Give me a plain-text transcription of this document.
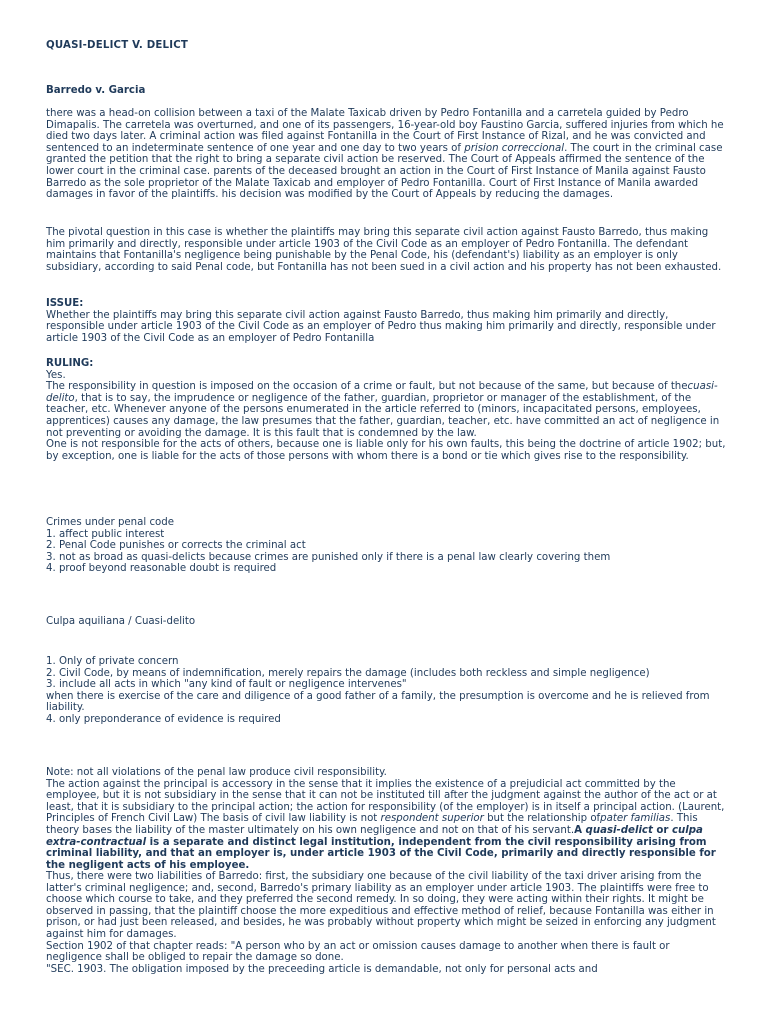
QUASI-DELICT V. DELICT
Barredo v. Garcia

there was a head-on collision between a taxi of the Malate Taxicab driven by Pedro Fontanilla and a carretela guided by Pedro Dimapalis. The carretela was overturned, and one of its passengers, 16-year-old boy Faustino Garcia, suffered injuries from which he died two days later. A criminal action was filed against Fontanilla in the Court of First Instance of Rizal, and he was convicted and sentenced to an indeterminate sentence of one year and one day to two years of prision correccional. The court in the criminal case granted the petition that the right to bring a separate civil action be reserved. The Court of Appeals affirmed the sentence of the lower court in the criminal case. parents of the deceased brought an action in the Court of First Instance of Manila against Fausto Barredo as the sole proprietor of the Malate Taxicab and employer of Pedro Fontanilla. Court of First Instance of Manila awarded damages in favor of the plaintiffs. his decision was modified by the Court of Appeals by reducing the damages.

The pivotal question in this case is whether the plaintiffs may bring this separate civil action against Fausto Barredo, thus making him primarily and directly, responsible under article 1903 of the Civil Code as an employer of Pedro Fontanilla. The defendant maintains that Fontanilla's negligence being punishable by the Penal Code, his (defendant's) liability as an employer is only subsidiary, according to said Penal code, but Fontanilla has not been sued in a civil action and his property has not been exhausted.

ISSUE:

Whether the plaintiffs may bring this separate civil action against Fausto Barredo, thus making him primarily and directly, responsible under article 1903 of the Civil Code as an employer of Pedro thus making him primarily and directly, responsible under article 1903 of the Civil Code as an employer of Pedro Fontanilla

RULING:

Yes.

The responsibility in question is imposed on the occasion of a crime or fault, but not because of the same, but because of thecuasi- delito, that is to say, the imprudence or negligence of the father, guardian, proprietor or manager of the establishment, of the teacher, etc. Whenever anyone of the persons enumerated in the article referred to (minors, incapacitated persons, employees, apprentices) causes any damage, the law presumes that the father, guardian, teacher, etc. have committed an act of negligence in not preventing or avoiding the damage. It is this fault that is condemned by the law.

One is not responsible for the acts of others, because one is liable only for his own faults, this being the doctrine of article 1902; but, by exception, one is liable for the acts of those persons with whom there is a bond or tie which gives rise to the responsibility.

Crimes under penal code

1. affect public interest

2. Penal Code punishes or corrects the criminal act

3. not as broad as quasi-delicts because crimes are punished only if there is a penal law clearly covering them

4. proof beyond reasonable doubt is required

Culpa aquiliana / Cuasi-delito

1. Only of private concern

2. Civil Code, by means of indemnification, merely repairs the damage (includes both reckless and simple negligence)

3. include all acts in which "any kind of fault or negligence intervenes"

when there is exercise of the care and diligence of a good father of a family, the presumption is overcome and he is relieved from liability.

4. only preponderance of evidence is required

Note: not all violations of the penal law produce civil responsibility.

The action against the principal is accessory in the sense that it implies the existence of a prejudicial act committed by the employee, but it is not subsidiary in the sense that it can not be instituted till after the judgment against the author of the act or at least, that it is subsidiary to the principal action; the action for responsibility (of the employer) is in itself a principal action. (Laurent, Principles of French Civil Law) The basis of civil law liability is not respondent superior but the relationship ofpater familias. This theory bases the liability of the master ultimately on his own negligence and not on that of his servant.A quasi-delict or culpa extra-contractual is a separate and distinct legal institution, independent from the civil responsibility arising from criminal liability, and that an employer is, under article 1903 of the Civil Code, primarily and directly responsible for the negligent acts of his employee.

Thus, there were two liabilities of Barredo: first, the subsidiary one because of the civil liability of the taxi driver arising from the latter's criminal negligence; and, second, Barredo's primary liability as an employer under article 1903. The plaintiffs were free to choose which course to take, and they preferred the second remedy. In so doing, they were acting within their rights. It might be observed in passing, that the plaintiff choose the more expeditious and effective method of relief, because Fontanilla was either in prison, or had just been released, and besides, he was probably without property which might be seized in enforcing any judgment against him for damages.

Section 1902 of that chapter reads: "A person who by an act or omission causes damage to another when there is fault or negligence shall be obliged to repair the damage so done.

"SEC. 1903. The obligation imposed by the preceeding article is demandable, not only for personal acts and
